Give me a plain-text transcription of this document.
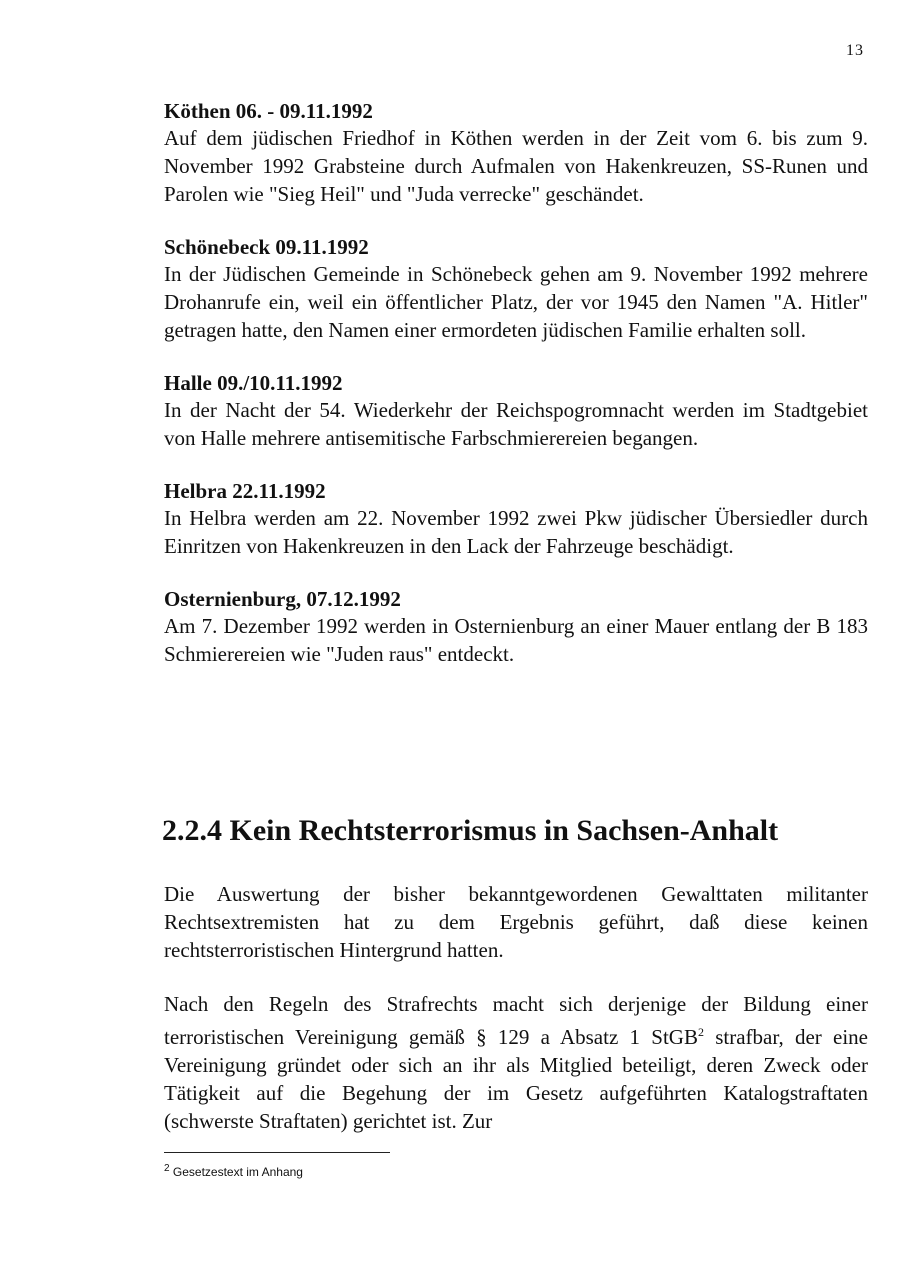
13

Köthen 06. - 09.11.1992

Auf dem jüdischen Friedhof in Köthen werden in der Zeit vom 6. bis zum 9. November 1992 Grabsteine durch Aufmalen von Hakenkreuzen, SS-Runen und Parolen wie "Sieg Heil" und "Juda verrecke" geschändet.

Schönebeck 09.11.1992

In der Jüdischen Gemeinde in Schönebeck gehen am 9. November 1992 mehrere Drohanrufe ein, weil ein öffentlicher Platz, der vor 1945 den Namen "A. Hitler" getragen hatte, den Namen einer ermordeten jüdischen Familie erhalten soll.

Halle 09./10.11.1992

In der Nacht der 54. Wiederkehr der Reichspogromnacht werden im Stadtgebiet von Halle mehrere antisemitische Farbschmierereien begangen.

Helbra 22.11.1992

In Helbra werden am 22. November 1992 zwei Pkw jüdischer Übersiedler durch Einritzen von Hakenkreuzen in den Lack der Fahrzeuge beschädigt.

Osternienburg, 07.12.1992

Am 7. Dezember 1992 werden in Osternienburg an einer Mauer entlang der B 183 Schmierereien wie "Juden raus" entdeckt.

2.2.4 Kein Rechtsterrorismus in Sachsen-Anhalt

Die Auswertung der bisher bekanntgewordenen Gewalttaten militanter Rechtsextremisten hat zu dem Ergebnis geführt, daß diese keinen rechtsterroristischen Hintergrund hatten.

Nach den Regeln des Strafrechts macht sich derjenige der Bildung einer terroristischen Vereinigung gemäß § 129 a Absatz 1 StGB$^2$ strafbar, der eine Vereinigung gründet oder sich an ihr als Mitglied beteiligt, deren Zweck oder Tätigkeit auf die Begehung der im Gesetz aufgeführten Katalogstraftaten (schwerste Straftaten) gerichtet ist. Zur

$^2$ Gesetzestext im Anhang
